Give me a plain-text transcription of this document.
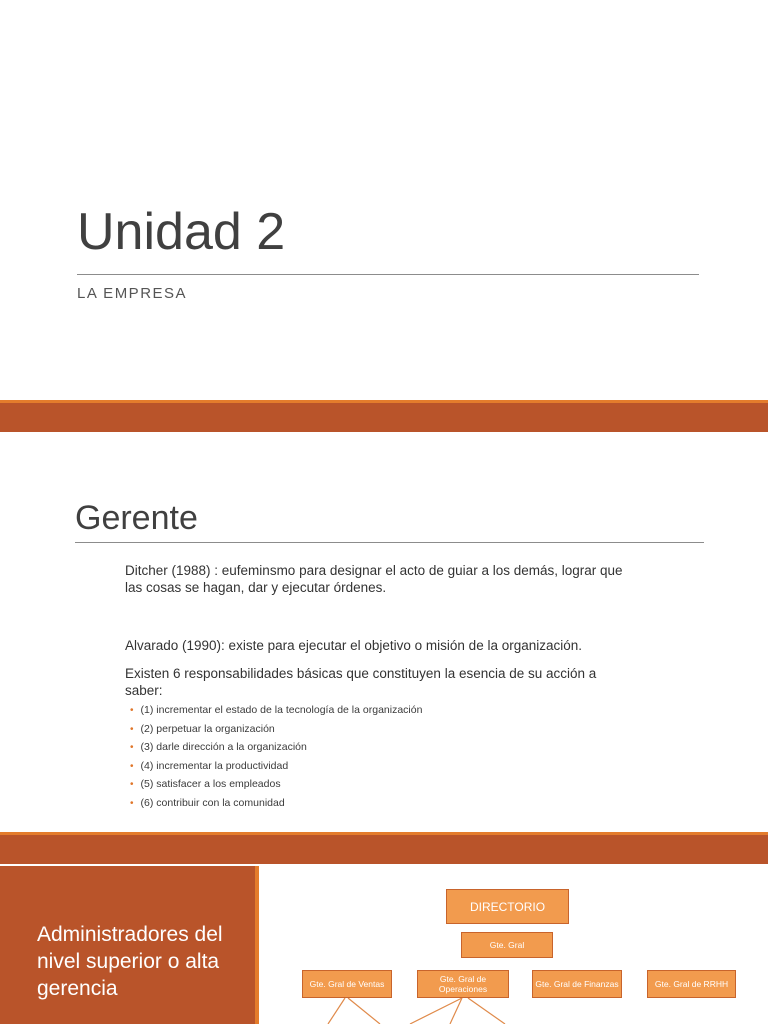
Unidad 2
LA EMPRESA
Gerente

Ditcher (1988) : eufeminsmo para designar el acto de guiar a los demás, lograr que las cosas se hagan, dar y ejecutar órdenes.

Alvarado (1990): existe para ejecutar el objetivo o misión de la organización.

Existen 6 responsabilidades básicas que constituyen la esencia de su acción a saber:

• (1) incrementar el estado de la tecnología de la organización
• (2) perpetuar la organización
• (3) darle dirección a la organización
• (4) incrementar la productividad
• (5) satisfacer a los empleados
• (6) contribuir con la comunidad
Administradores del
nivel superior o alta gerencia
DIRECTORIO
Gte. Gral
Gte. Gral de Ventas	Gte. Gral de Operaciones	Gte. Gral de Finanzas	Gte. Gral de RRHH
